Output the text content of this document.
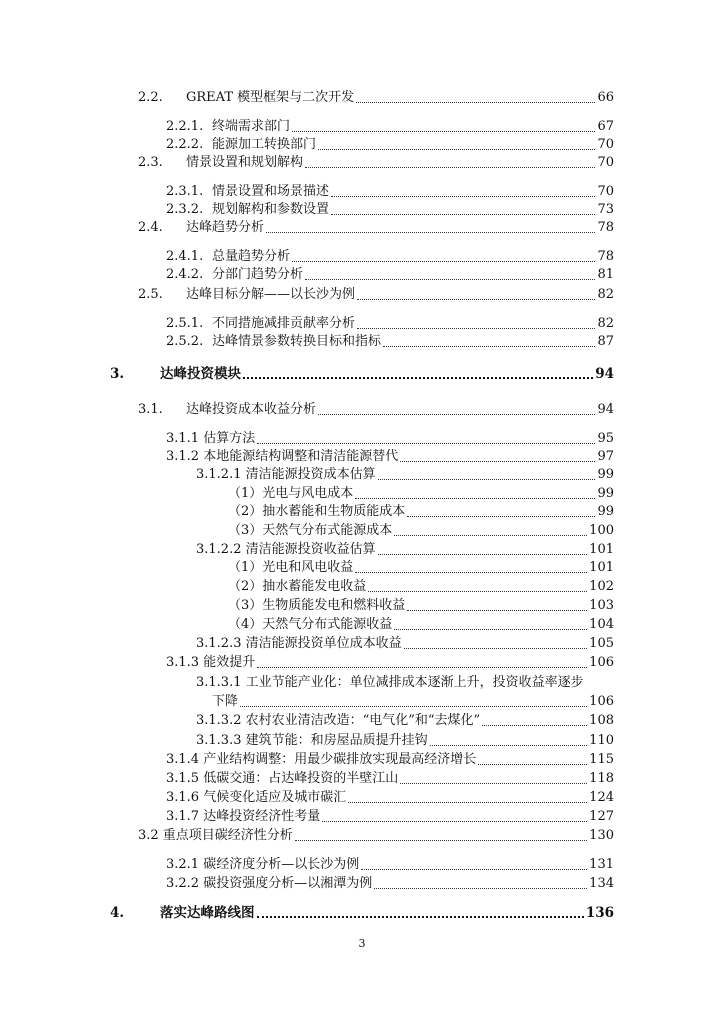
2.2.	GREAT 模型框架与二次开发	66
2.2.1. 终端需求部门	67
2.2.2. 能源加工转换部门	70
2.3.	情景设置和规划解构	70
2.3.1. 情景设置和场景描述	70
2.3.2. 规划解构和参数设置	73
2.4.	达峰趋势分析	78
2.4.1. 总量趋势分析	78
2.4.2. 分部门趋势分析	81
2.5.	达峰目标分解——以长沙为例	82
2.5.1. 不同措施减排贡献率分析	82
2.5.2. 达峰情景参数转换目标和指标	87
3.	达峰投资模块	94
3.1.	达峰投资成本收益分析	94
3.1.1 估算方法	95
3.1.2 本地能源结构调整和清洁能源替代	97
3.1.2.1 清洁能源投资成本估算	99
（1）光电与风电成本	99
（2）抽水蓄能和生物质能成本	99
（3）天然气分布式能源成本	100
3.1.2.2 清洁能源投资收益估算	101
（1）光电和风电收益	101
（2）抽水蓄能发电收益	102
（3）生物质能发电和燃料收益	103
（4）天然气分布式能源收益	104
3.1.2.3 清洁能源投资单位成本收益	105
3.1.3 能效提升	106
3.1.3.1 工业节能产业化：单位减排成本逐渐上升，投资收益率逐步
下降	106
3.1.3.2 农村农业清洁改造：“电气化”和“去煤化”	108
3.1.3.3 建筑节能：和房屋品质提升挂钩	110
3.1.4 产业结构调整：用最少碳排放实现最高经济增长	115
3.1.5 低碳交通：占达峰投资的半壁江山	118
3.1.6 气候变化适应及城市碳汇	124
3.1.7 达峰投资经济性考量	127
3.2 重点项目碳经济性分析	130
3.2.1 碳经济度分析—以长沙为例	131
3.2.2 碳投资强度分析—以湘潭为例	134
4.	落实达峰路线图	136
3
